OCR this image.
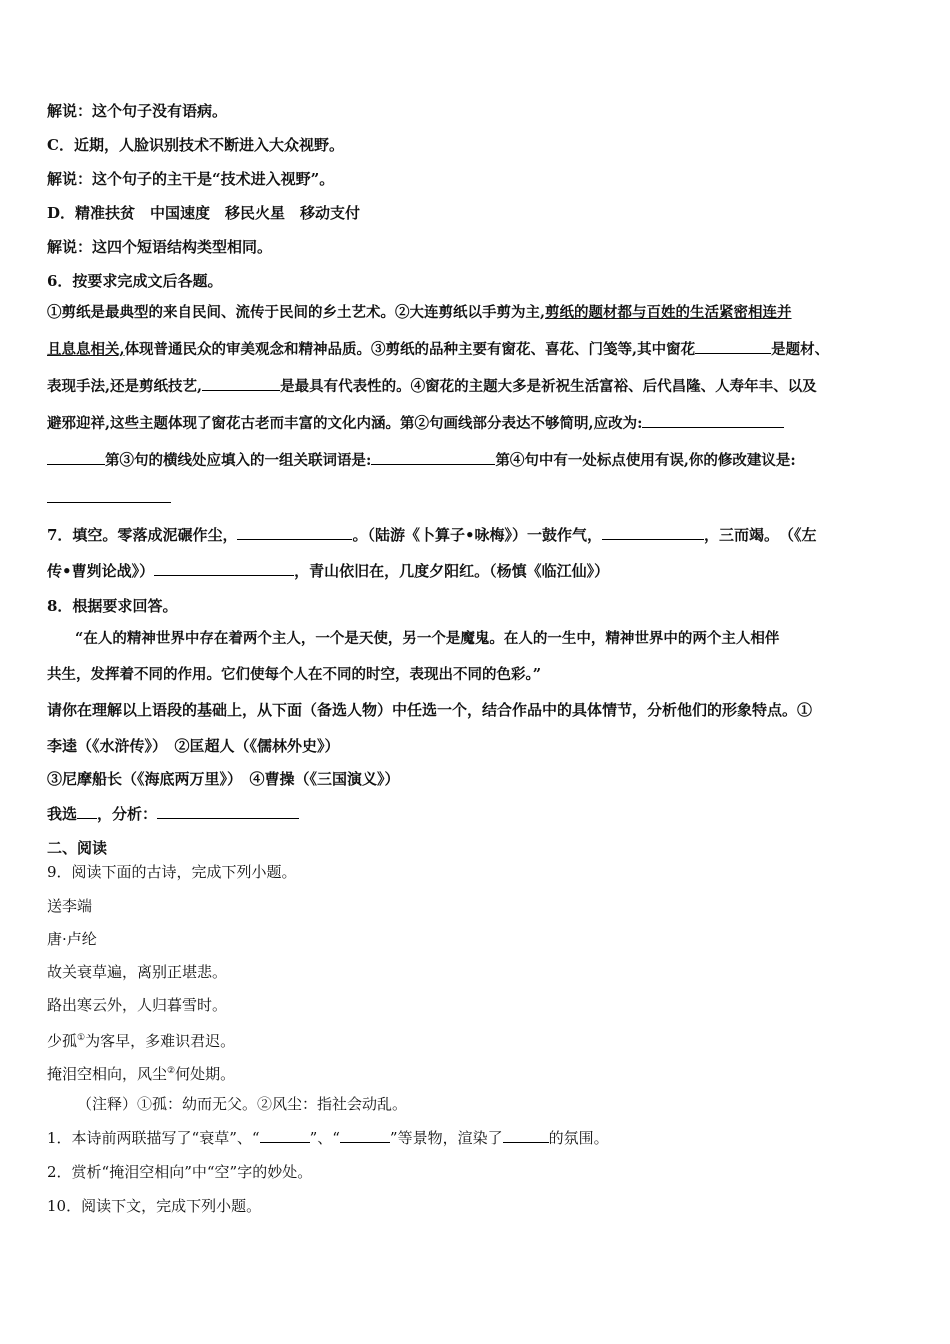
解说：这个句子没有语病。
C．近期，人脸识别技术不断进入大众视野。
解说：这个句子的主干是“技术进入视野”。
D．精准扶贫　中国速度　移民火星　移动支付
解说：这四个短语结构类型相同。
6．按要求完成文后各题。
①剪纸是最典型的来自民间、流传于民间的乡土艺术。②大连剪纸以手剪为主,剪纸的题材都与百姓的生活紧密相连并
且息息相关,体现普通民众的审美观念和精神品质。③剪纸的品种主要有窗花、喜花、门笺等,其中窗花	是题材、
表现手法,还是剪纸技艺,	是最具有代表性的。④窗花的主题大多是祈祝生活富裕、后代昌隆、人寿年丰、以及
避邪迎祥,这些主题体现了窗花古老而丰富的文化内涵。第②句画线部分表达不够简明,应改为:
第③句的横线处应填入的一组关联词语是:	第④句中有一处标点使用有误,你的修改建议是:
7．填空。零落成泥碾作尘，	。（陆游《卜算子•咏梅》）一鼓作气，	，三而竭。　（《左
传•曹刿论战》）	，青山依旧在，几度夕阳红。（杨慎《临江仙》）
8．根据要求回答。
“在人的精神世界中存在着两个主人，一个是天使，另一个是魔鬼。在人的一生中，精神世界中的两个主人相伴
共生，发挥着不同的作用。它们使每个人在不同的时空，表现出不同的色彩。”
请你在理解以上语段的基础上，从下面（备选人物）中任选一个，结合作品中的具体情节，分析他们的形象特点。①
李逵（《水浒传》）　②匡超人（《儒林外史》）
③尼摩船长（《海底两万里》）　④曹操（《三国演义》）
我选 ，分析：
二、阅读
9．阅读下面的古诗，完成下列小题。
送李端
唐·卢纶
故关衰草遍，离别正堪悲。
路出寒云外，人归暮雪时。
少孤①为客早，多难识君迟。
掩泪空相向，风尘②何处期。
（注释）①孤：幼而无父。②风尘：指社会动乱。
1．本诗前两联描写了“衰草”、“	”、“	”等景物，渲染了	的氛围。
2．赏析“掩泪空相向”中“空”字的妙处。
10．阅读下文，完成下列小题。
